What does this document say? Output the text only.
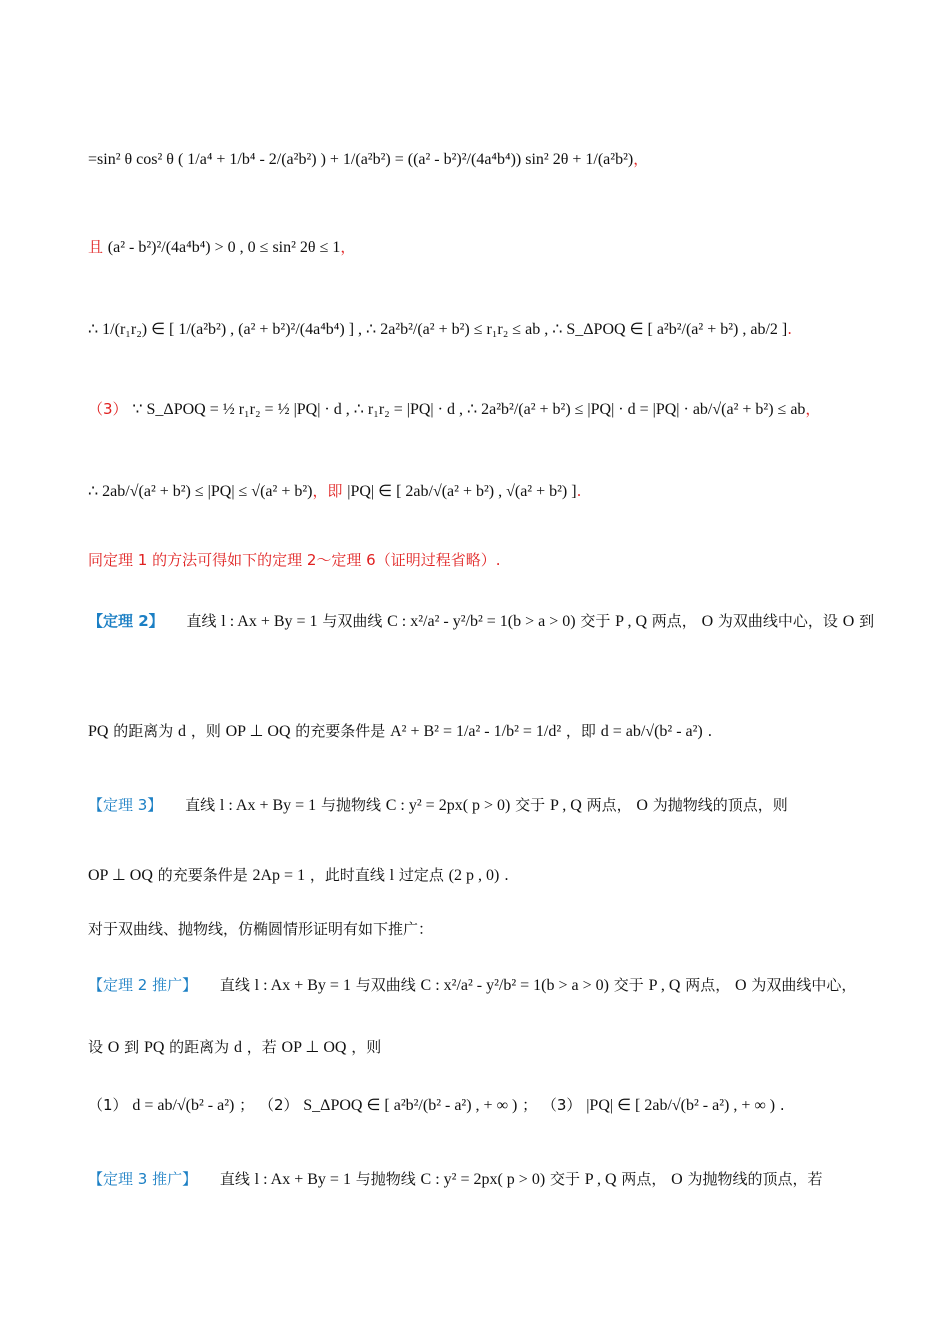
=sin² θ cos² θ ( 1/a⁴ + 1/b⁴ - 2/(a²b²) ) + 1/(a²b²) = ((a² - b²)²/(4a⁴b⁴)) sin² 2θ + 1/(a²b²)，
且 (a² - b²)²/(4a⁴b⁴) > 0 , 0 ≤ sin² 2θ ≤ 1，
∴ 1/(r₁r₂) ∈ [ 1/(a²b²) , (a² + b²)²/(4a⁴b⁴) ] , ∴ 2a²b²/(a² + b²) ≤ r₁r₂ ≤ ab , ∴ S_ΔPOQ ∈ [ a²b²/(a² + b²) , ab/2 ].
（3） ∵ S_ΔPOQ = ½ r₁r₂ = ½ |PQ| · d , ∴ r₁r₂ = |PQ| · d , ∴ 2a²b²/(a² + b²) ≤ |PQ| · d = |PQ| · ab/√(a² + b²) ≤ ab，
∴ 2ab/√(a² + b²) ≤ |PQ| ≤ √(a² + b²)，即 |PQ| ∈ [ 2ab/√(a² + b²) , √(a² + b²) ].
同定理 1 的方法可得如下的定理 2～定理 6（证明过程省略）.
【定理 2】 直线 l : Ax + By = 1 与双曲线 C : x²/a² - y²/b² = 1(b > a > 0) 交于 P , Q 两点， O 为双曲线中心，设 O 到
PQ 的距离为 d ，则 OP ⊥ OQ 的充要条件是 A² + B² = 1/a² - 1/b² = 1/d² ，即 d = ab/√(b² - a²) .
【定理 3】 直线 l : Ax + By = 1 与抛物线 C : y² = 2px( p > 0) 交于 P , Q 两点， O 为抛物线的顶点，则
OP ⊥ OQ 的充要条件是 2Ap = 1 ，此时直线 l 过定点 (2 p , 0) .
对于双曲线、抛物线，仿椭圆情形证明有如下推广：
【定理 2 推广】 直线 l : Ax + By = 1 与双曲线 C : x²/a² - y²/b² = 1(b > a > 0) 交于 P , Q 两点， O 为双曲线中心，
设 O 到 PQ 的距离为 d ，若 OP ⊥ OQ ，则
（1） d = ab/√(b² - a²) ； （2） S_ΔPOQ ∈ [ a²b²/(b² - a²) , + ∞ ) ； （3） |PQ| ∈ [ 2ab/√(b² - a²) , + ∞ ) .
【定理 3 推广】 直线 l : Ax + By = 1 与抛物线 C : y² = 2px( p > 0) 交于 P , Q 两点， O 为抛物线的顶点，若
